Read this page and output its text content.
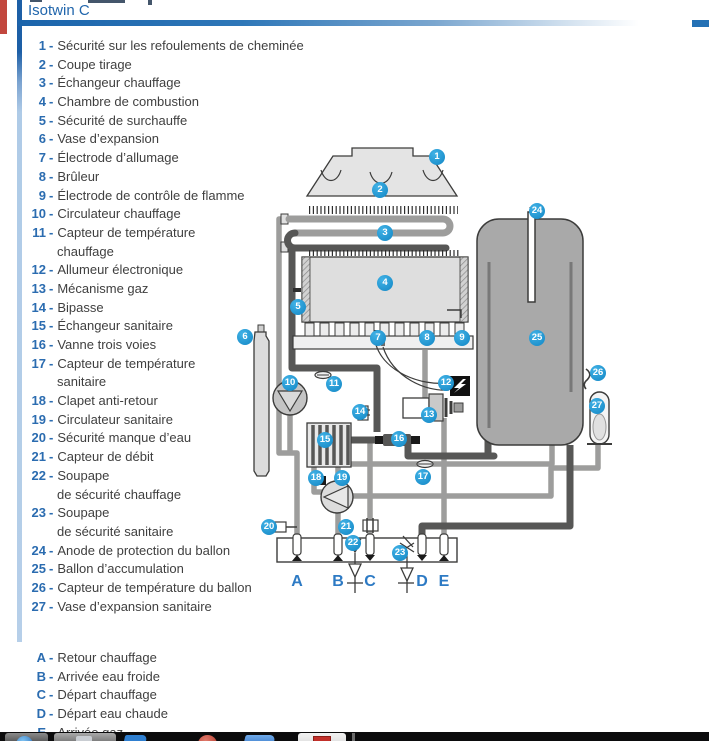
Isotwin C
1 - Sécurité sur les refoulements de cheminée
2 - Coupe tirage
3 - Échangeur chauffage
4 - Chambre de combustion
5 - Sécurité de surchauffe
6 - Vase d’expansion
7 - Électrode d’allumage
8 - Brûleur
9 - Électrode de contrôle de flamme
10 - Circulateur chauffage
11 - Capteur de température
chauffage
12 - Allumeur électronique
13 - Mécanisme gaz
14 - Bipasse
15 - Échangeur sanitaire
16 - Vanne trois voies
17 - Capteur de température
sanitaire
18 - Clapet anti-retour
19 - Circulateur sanitaire
20 - Sécurité manque d’eau
21 - Capteur de débit
22 - Soupape
de sécurité chauffage
23 - Soupape
de sécurité sanitaire
24 - Anode de protection du ballon
25 - Ballon d’accumulation
26 - Capteur de température du ballon
27 - Vase d’expansion sanitaire
A - Retour chauffage
B - Arrivée eau froide
C - Départ chauffage
D - Départ eau chaude
1
2
3
4
5
6	7	8	9
10	11	12
13
14
15	16
17
18 19
20	21
22
23
24
25
26
27
A B C	D E
